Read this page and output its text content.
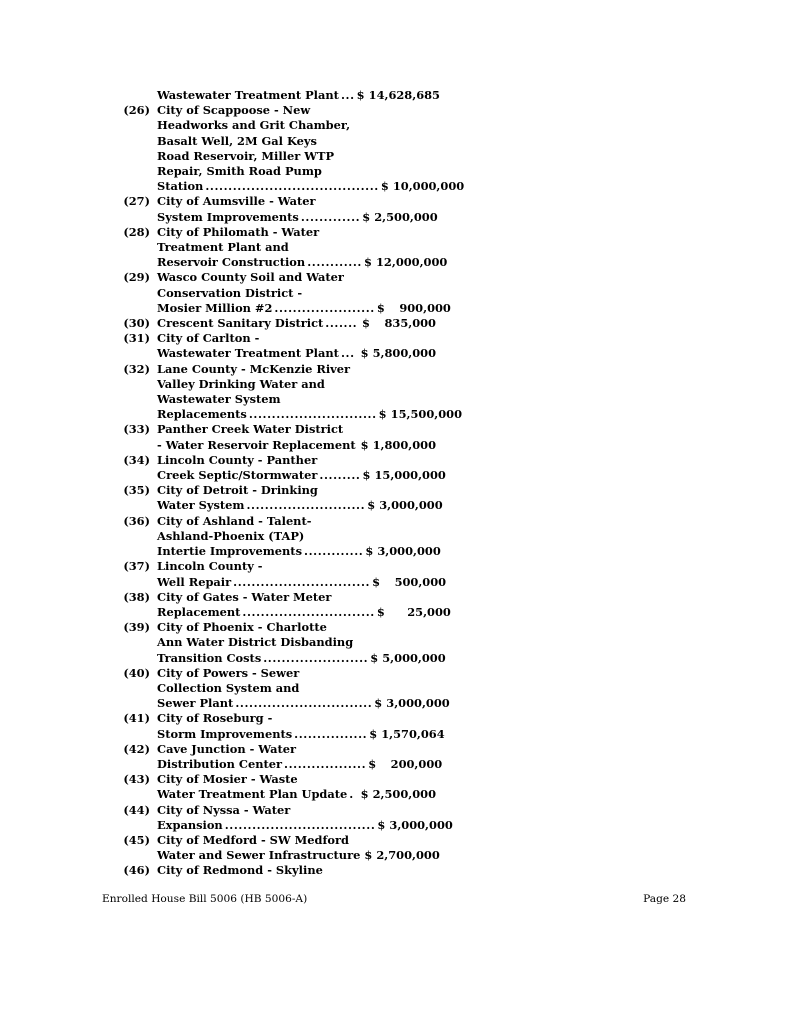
Wastewater Treatment Plant ... $ 14,628,685
(26) City of Scappoose - New
Headworks and Grit Chamber,
Basalt Well, 2M Gal Keys
Road Reservoir, Miller WTP
Repair, Smith Road Pump
Station ...................................... $ 10,000,000
(27) City of Aumsville - Water
System Improvements ............. $ 2,500,000
(28) City of Philomath - Water
Treatment Plant and
Reservoir Construction ............ $ 12,000,000
(29) Wasco County Soil and Water
Conservation District -
Mosier Million #2 ...................... $	900,000
(30) Crescent Sanitary District ....... $	835,000
(31) City of Carlton -
Wastewater Treatment Plant ... $ 5,800,000
(32) Lane County - McKenzie River
Valley Drinking Water and
Wastewater System
Replacements ............................ $ 15,500,000
(33) Panther Creek Water District
- Water Reservoir Replacement $ 1,800,000
(34) Lincoln County - Panther
Creek Septic/Stormwater ......... $ 15,000,000
(35) City of Detroit - Drinking
Water System .......................... $ 3,000,000
(36) City of Ashland - Talent-
Ashland-Phoenix (TAP)
Intertie Improvements ............. $ 3,000,000
(37) Lincoln County -
Well Repair .............................. $	500,000
(38) City of Gates - Water Meter
Replacement ............................. $	25,000
(39) City of Phoenix - Charlotte
Ann Water District Disbanding
Transition Costs ....................... $ 5,000,000
(40) City of Powers - Sewer
Collection System and
Sewer Plant .............................. $ 3,000,000
(41) City of Roseburg -
Storm Improvements ................ $ 1,570,064
(42) Cave Junction - Water
Distribution Center .................. $	200,000
(43) City of Mosier - Waste
Water Treatment Plan Update . $ 2,500,000
(44) City of Nyssa - Water
Expansion ................................. $ 3,000,000
(45) City of Medford - SW Medford
Water and Sewer Infrastructure $ 2,700,000
(46) City of Redmond - Skyline
Enrolled House Bill 5006 (HB 5006-A)	Page 28
